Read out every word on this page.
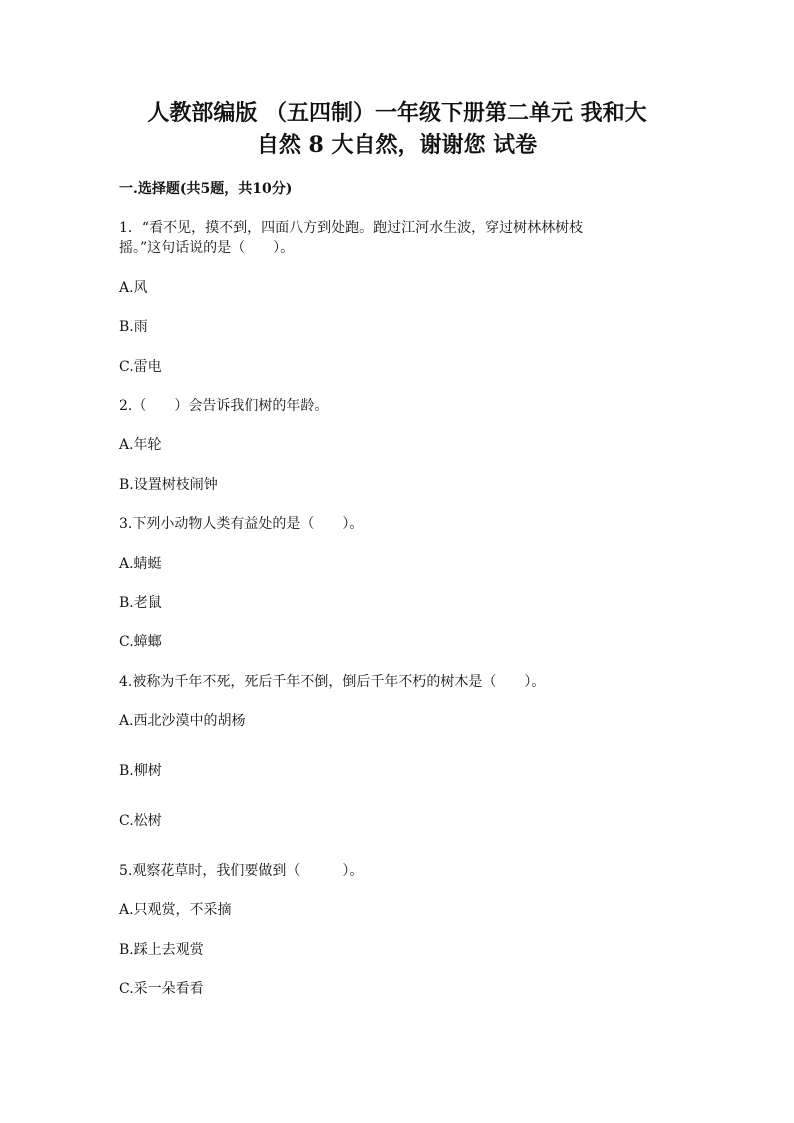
人教部编版 （五四制）一年级下册第二单元 我和大
自然 8 大自然，谢谢您 试卷
一.选择题(共5题，共10分)

1．“看不见，摸不到，四面八方到处跑。跑过江河水生波，穿过树林林树枝

摇。”这句话说的是（　　）。

A.风

B.雨

C.雷电

2.（　　）会告诉我们树的年龄。

A.年轮

B.设置树枝闹钟

3.下列小动物人类有益处的是（　　）。

A.蜻蜓

B.老鼠

C.蟑螂

4.被称为千年不死，死后千年不倒，倒后千年不朽的树木是（　　）。

A.西北沙漠中的胡杨

B.柳树

C.松树

5.观察花草时，我们要做到（　　　）。

A.只观赏，不采摘

B.踩上去观赏

C.采一朵看看
